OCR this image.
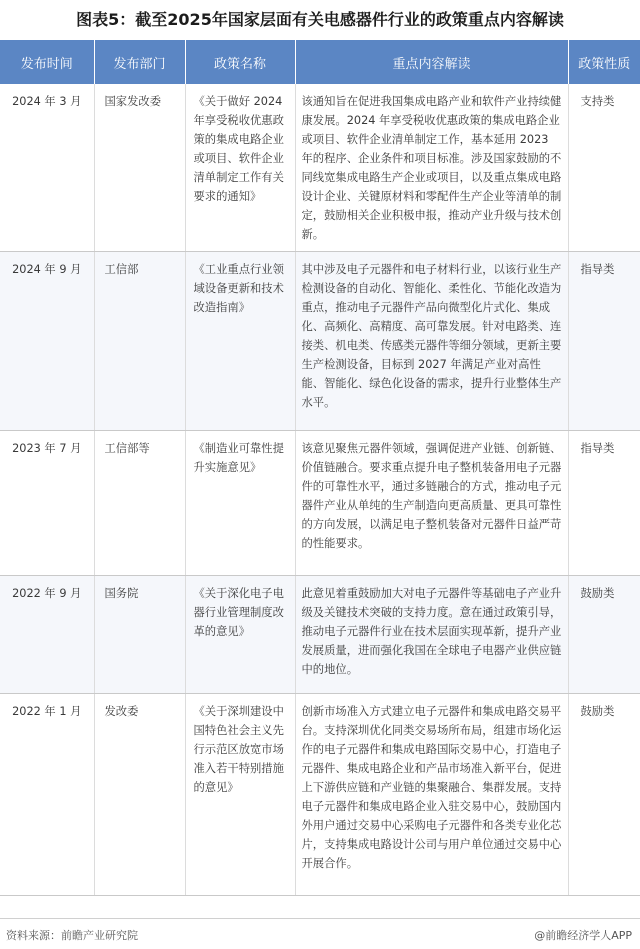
图表5：截至2025年国家层面有关电感器件行业的政策重点内容解读
发布时间	发布部门	政策名称	重点内容解读	政策性质
2024 年 3 月	国家发改委	《关于做好 2024 年享受税收优惠政策的集成电路企业或项目、软件企业清单制定工作有关要求的通知》	该通知旨在促进我国集成电路产业和软件产业持续健康发展。2024 年享受税收优惠政策的集成电路企业或项目、软件企业清单制定工作，基本延用 2023 年的程序、企业条件和项目标准。涉及国家鼓励的不同线宽集成电路生产企业或项目，以及重点集成电路设计企业、关键原材料和零配件生产企业等清单的制定，鼓励相关企业积极申报，推动产业升级与技术创新。	支持类
2024 年 9 月	工信部	《工业重点行业领域设备更新和技术改造指南》	其中涉及电子元器件和电子材料行业，以该行业生产检测设备的自动化、智能化、柔性化、节能化改造为重点，推动电子元器件产品向微型化片式化、集成化、高频化、高精度、高可靠发展。针对电路类、连接类、机电类、传感类元器件等细分领域，更新主要生产检测设备，目标到 2027 年满足产业对高性能、智能化、绿色化设备的需求，提升行业整体生产水平。	指导类
2023 年 7 月	工信部等	《制造业可靠性提升实施意见》	该意见聚焦元器件领域，强调促进产业链、创新链、价值链融合。要求重点提升电子整机装备用电子元器件的可靠性水平，通过多链融合的方式，推动电子元器件产业从单纯的生产制造向更高质量、更具可靠性的方向发展，以满足电子整机装备对元器件日益严苛的性能要求。	指导类
2022 年 9 月	国务院	《关于深化电子电器行业管理制度改革的意见》	此意见着重鼓励加大对电子元器件等基础电子产业升级及关键技术突破的支持力度。意在通过政策引导，推动电子元器件行业在技术层面实现革新，提升产业发展质量，进而强化我国在全球电子电器产业供应链中的地位。	鼓励类
2022 年 1 月	发改委	《关于深圳建设中国特色社会主义先行示范区放宽市场准入若干特别措施的意见》	创新市场准入方式建立电子元器件和集成电路交易平台。支持深圳优化同类交易场所布局，组建市场化运作的电子元器件和集成电路国际交易中心，打造电子元器件、集成电路企业和产品市场准入新平台，促进上下游供应链和产业链的集聚融合、集群发展。支持电子元器件和集成电路企业入驻交易中心，鼓励国内外用户通过交易中心采购电子元器件和各类专业化芯片，支持集成电路设计公司与用户单位通过交易中心开展合作。	鼓励类
资料来源：前瞻产业研究院	@前瞻经济学人APP
